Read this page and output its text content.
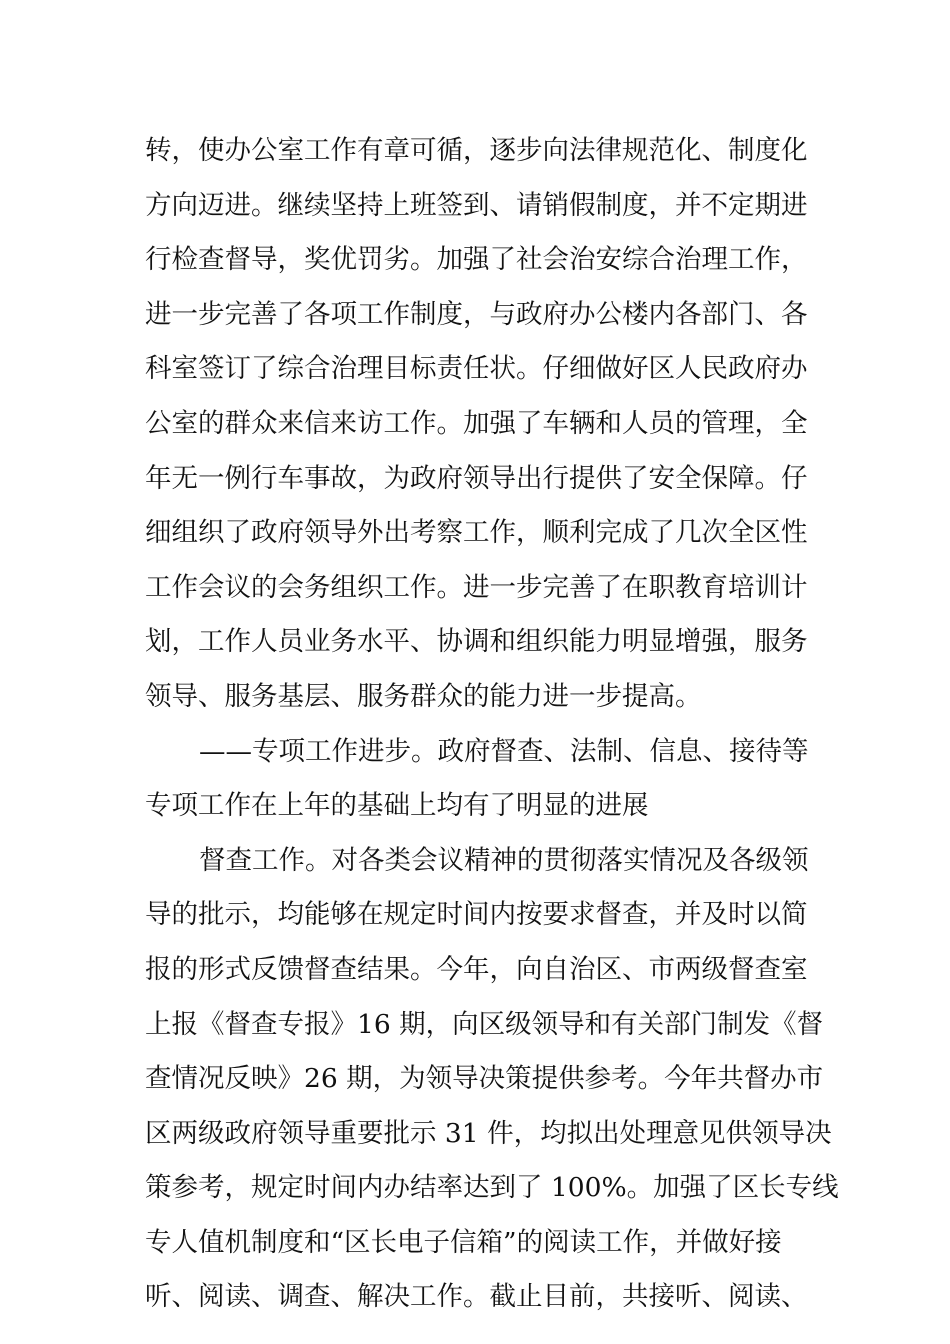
转，使办公室工作有章可循，逐步向法律规范化、制度化
方向迈进。继续坚持上班签到、请销假制度，并不定期进
行检查督导，奖优罚劣。加强了社会治安综合治理工作，
进一步完善了各项工作制度，与政府办公楼内各部门、各
科室签订了综合治理目标责任状。仔细做好区人民政府办
公室的群众来信来访工作。加强了车辆和人员的管理，全
年无一例行车事故，为政府领导出行提供了安全保障。仔
细组织了政府领导外出考察工作，顺利完成了几次全区性
工作会议的会务组织工作。进一步完善了在职教育培训计
划，工作人员业务水平、协调和组织能力明显增强，服务
领导、服务基层、服务群众的能力进一步提高。
——专项工作进步。政府督查、法制、信息、接待等
专项工作在上年的基础上均有了明显的进展
督查工作。对各类会议精神的贯彻落实情况及各级领
导的批示，均能够在规定时间内按要求督查，并及时以简
报的形式反馈督查结果。今年，向自治区、市两级督查室
上报《督查专报》16 期，向区级领导和有关部门制发《督
查情况反映》26 期，为领导决策提供参考。今年共督办市
区两级政府领导重要批示 31 件，均拟出处理意见供领导决
策参考，规定时间内办结率达到了 100%。加强了区长专线
专人值机制度和“区长电子信箱”的阅读工作，并做好接
听、阅读、调查、解决工作。截止目前，共接听、阅读、
